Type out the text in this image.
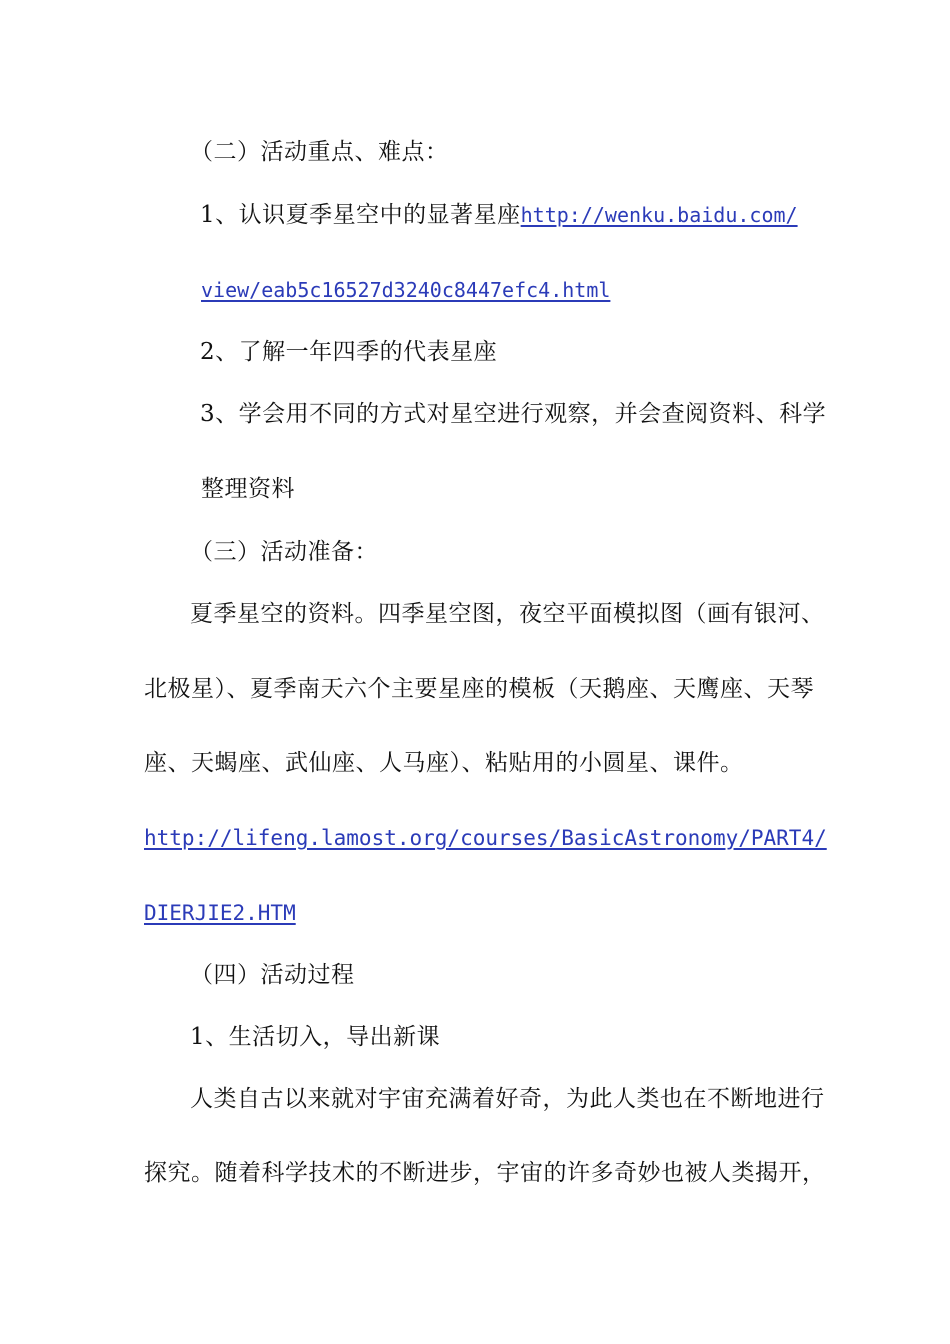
（二）活动重点、难点：
1、认识夏季星空中的显著星座http://wenku.baidu.com/
view/eab5c16527d3240c8447efc4.html
2、了解一年四季的代表星座
3、学会用不同的方式对星空进行观察，并会查阅资料、科学
整理资料
（三）活动准备：
夏季星空的资料。四季星空图，夜空平面模拟图（画有银河、
北极星）、夏季南天六个主要星座的模板（天鹅座、天鹰座、天琴
座、天蝎座、武仙座、人马座）、粘贴用的小圆星、课件。
http://lifeng.lamost.org/courses/BasicAstronomy/PART4/
DIERJIE2.HTM
（四）活动过程
1、生活切入，导出新课
人类自古以来就对宇宙充满着好奇，为此人类也在不断地进行
探究。随着科学技术的不断进步，宇宙的许多奇妙也被人类揭开，
